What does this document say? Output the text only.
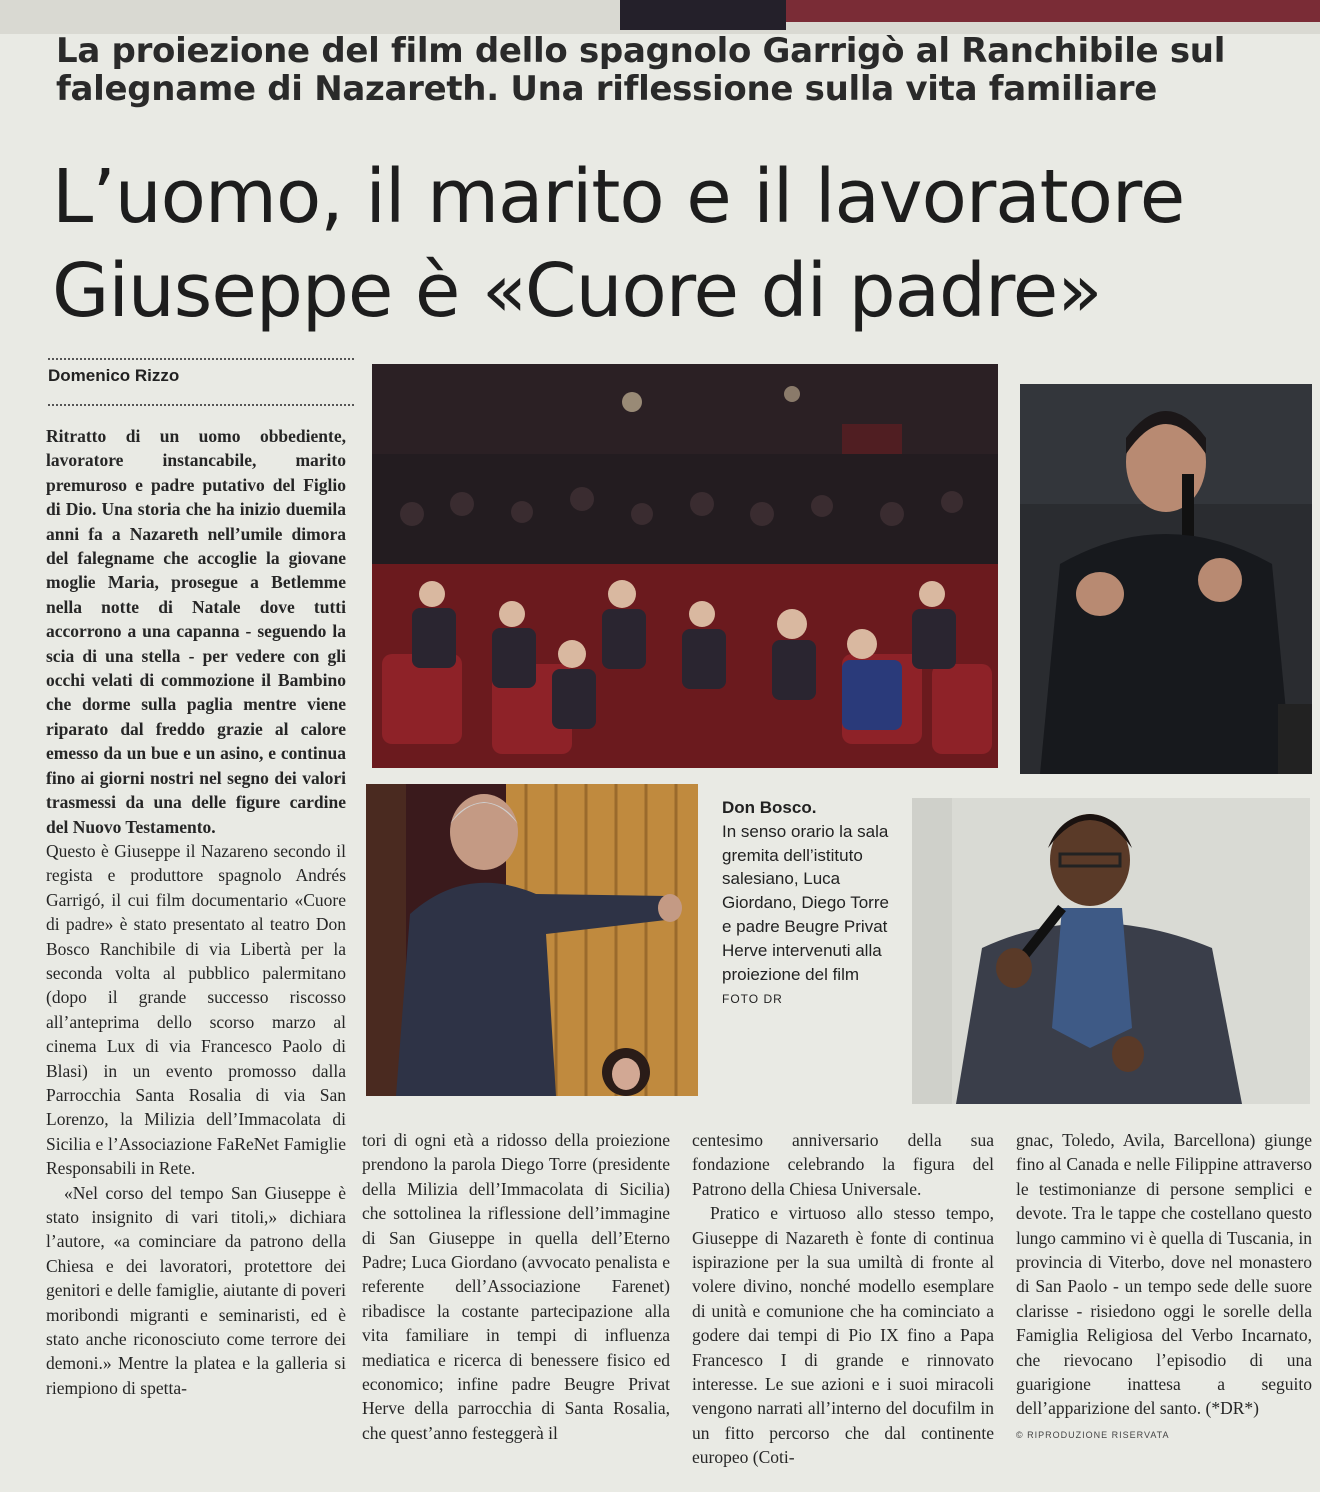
La proiezione del film dello spagnolo Garrigò al Ranchibile sul falegname di Nazareth. Una riflessione sulla vita familiare
L’uomo, il marito e il lavoratore
Giuseppe è «Cuore di padre»
Domenico Rizzo
Don Bosco.
In senso orario la sala gremita dell’istituto salesiano, Luca Giordano, Diego Torre e padre Beugre Privat Herve intervenuti alla proiezione del film
FOTO DR

Ritratto di un uomo obbediente, lavoratore instancabile, marito premuroso e padre putativo del Figlio di Dio. Una storia che ha inizio duemila anni fa a Nazareth nell’umile dimora del falegname che accoglie la giovane moglie Maria, prosegue a Betlemme nella notte di Natale dove tutti accorrono a una capanna - seguendo la scia di una stella - per vedere con gli occhi velati di commozione il Bambino che dorme sulla paglia mentre viene riparato dal freddo grazie al calore emesso da un bue e un asino, e continua fino ai giorni nostri nel segno dei valori trasmessi da una delle figure cardine del Nuovo Testamento.

Questo è Giuseppe il Nazareno secondo il regista e produttore spagnolo Andrés Garrigó, il cui film documentario «Cuore di padre» è stato presentato al teatro Don Bosco Ranchibile di via Libertà per la seconda volta al pubblico palermitano (dopo il grande successo riscosso all’anteprima dello scorso marzo al cinema Lux di via Francesco Paolo di Blasi) in un evento promosso dalla Parrocchia Santa Rosalia di via San Lorenzo, la Milizia dell’Immacolata di Sicilia e l’Associazione FaReNet Famiglie Responsabili in Rete.

«Nel corso del tempo San Giuseppe è stato insignito di vari titoli,» dichiara l’autore, «a cominciare da patrono della Chiesa e dei lavoratori, protettore dei genitori e delle famiglie, aiutante di poveri moribondi migranti e seminaristi, ed è stato anche riconosciuto come terrore dei demoni.» Mentre la platea e la galleria si riempiono di spetta-

tori di ogni età a ridosso della proiezione prendono la parola Diego Torre (presidente della Milizia dell’Immacolata di Sicilia) che sottolinea la riflessione dell’immagine di San Giuseppe in quella dell’Eterno Padre; Luca Giordano (avvocato penalista e referente dell’Associazione Farenet) ribadisce la costante partecipazione alla vita familiare in tempi di influenza mediatica e ricerca di benessere fisico ed economico; infine padre Beugre Privat Herve della parrocchia di Santa Rosalia, che quest’anno festeggerà il

centesimo anniversario della sua fondazione celebrando la figura del Patrono della Chiesa Universale.

Pratico e virtuoso allo stesso tempo, Giuseppe di Nazareth è fonte di continua ispirazione per la sua umiltà di fronte al volere divino, nonché modello esemplare di unità e comunione che ha cominciato a godere dai tempi di Pio IX fino a Papa Francesco I di grande e rinnovato interesse. Le sue azioni e i suoi miracoli vengono narrati all’interno del docufilm in un fitto percorso che dal continente europeo (Coti-

gnac, Toledo, Avila, Barcellona) giunge fino al Canada e nelle Filippine attraverso le testimonianze di persone semplici e devote. Tra le tappe che costellano questo lungo cammino vi è quella di Tuscania, in provincia di Viterbo, dove nel monastero di San Paolo - un tempo sede delle suore clarisse - risiedono oggi le sorelle della Famiglia Religiosa del Verbo Incarnato, che rievocano l’episodio di una guarigione inattesa a seguito dell’apparizione del santo. (*DR*)

© RIPRODUZIONE RISERVATA
